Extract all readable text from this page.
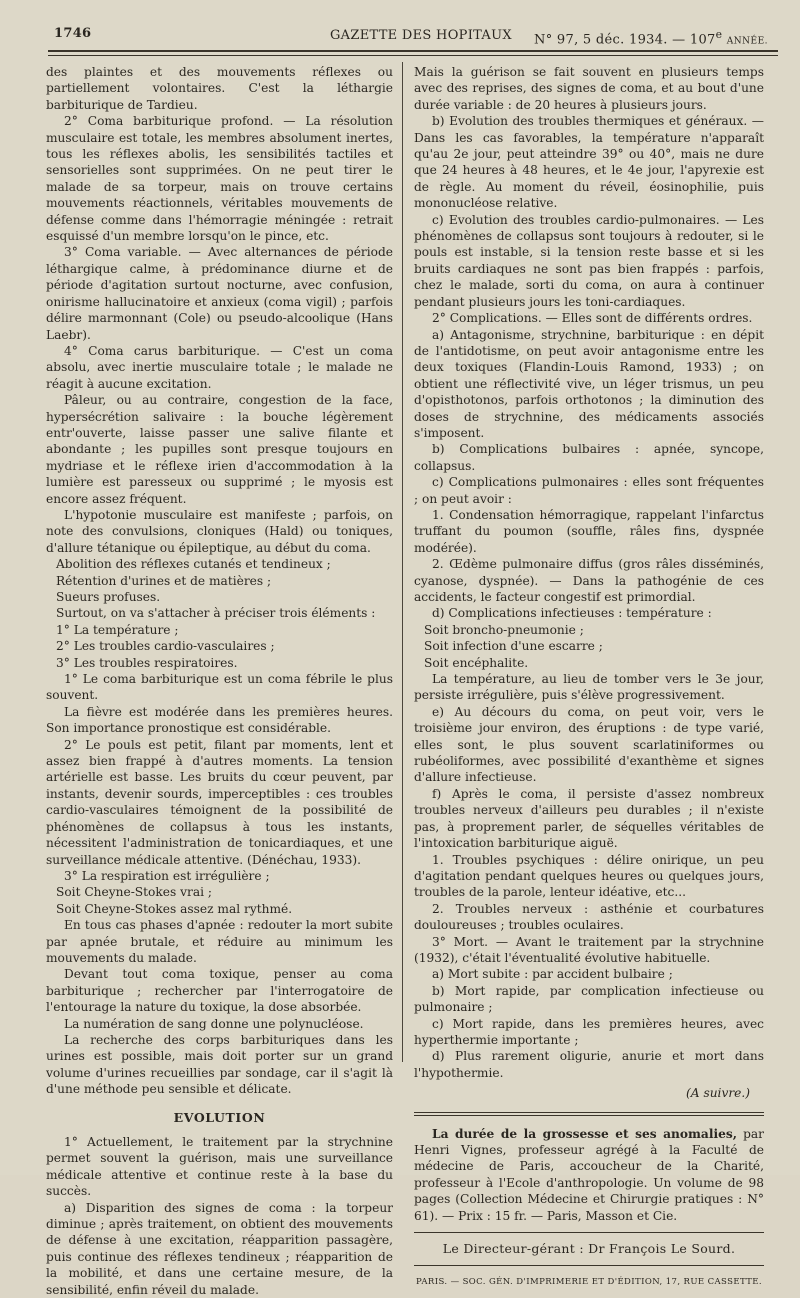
1746	GAZETTE DES HOPITAUX N° 97, 5 déc. 1934. — 107e ANNÉE.

des plaintes et des mouvements réflexes ou partiellement volontaires. C'est la léthargie barbiturique de Tardieu.

2° Coma barbiturique profond. — La résolution musculaire est totale, les membres absolument inertes, tous les réflexes abolis, les sensibilités tactiles et sensorielles sont supprimées. On ne peut tirer le malade de sa torpeur, mais on trouve certains mouvements réactionnels, véritables mouvements de défense comme dans l'hémorragie méningée : retrait esquissé d'un membre lorsqu'on le pince, etc.

3° Coma variable. — Avec alternances de période léthargique calme, à prédominance diurne et de période d'agitation surtout nocturne, avec confusion, onirisme hallucinatoire et anxieux (coma vigil) ; parfois délire marmonnant (Cole) ou pseudo-alcoolique (Hans Laebr).

4° Coma carus barbiturique. — C'est un coma absolu, avec inertie musculaire totale ; le malade ne réagit à aucune excitation.

Pâleur, ou au contraire, congestion de la face, hypersécrétion salivaire : la bouche légèrement entr'ouverte, laisse passer une salive filante et abondante ; les pupilles sont presque toujours en mydriase et le réflexe irien d'accommodation à la lumière est paresseux ou supprimé ; le myosis est encore assez fréquent.

L'hypotonie musculaire est manifeste ; parfois, on note des convulsions, cloniques (Hald) ou toniques, d'allure tétanique ou épileptique, au début du coma.

Abolition des réflexes cutanés et tendineux ;

Rétention d'urines et de matières ;

Sueurs profuses.

Surtout, on va s'attacher à préciser trois éléments :

1° La température ;

2° Les troubles cardio-vasculaires ;

3° Les troubles respiratoires.

1° Le coma barbiturique est un coma fébrile le plus souvent.

La fièvre est modérée dans les premières heures. Son importance pronostique est considérable.

2° Le pouls est petit, filant par moments, lent et assez bien frappé à d'autres moments. La tension artérielle est basse. Les bruits du cœur peuvent, par instants, devenir sourds, imperceptibles : ces troubles cardio-vasculaires témoignent de la possibilité de phénomènes de collapsus à tous les instants, nécessitent l'administration de tonicardiaques, et une surveillance médicale attentive. (Dénéchau, 1933).

3° La respiration est irrégulière ;

Soit Cheyne-Stokes vrai ;

Soit Cheyne-Stokes assez mal rythmé.

En tous cas phases d'apnée : redouter la mort subite par apnée brutale, et réduire au minimum les mouvements du malade.

Devant tout coma toxique, penser au coma barbiturique ; rechercher par l'interrogatoire de l'entourage la nature du toxique, la dose absorbée.

La numération de sang donne une polynucléose.

La recherche des corps barbituriques dans les urines est possible, mais doit porter sur un grand volume d'urines recueillies par sondage, car il s'agit là d'une méthode peu sensible et délicate.

EVOLUTION

1° Actuellement, le traitement par la strychnine permet souvent la guérison, mais une surveillance médicale attentive et continue reste à la base du succès.

a) Disparition des signes de coma : la torpeur diminue ; après traitement, on obtient des mouvements de défense à une excitation, réapparition passagère, puis continue des réflexes tendineux ; réapparition de la mobilité, et dans une certaine mesure, de la sensibilité, enfin réveil du malade.

Mais la guérison se fait souvent en plusieurs temps avec des reprises, des signes de coma, et au bout d'une durée variable : de 20 heures à plusieurs jours.

b) Evolution des troubles thermiques et généraux. — Dans les cas favorables, la température n'apparaît qu'au 2e jour, peut atteindre 39° ou 40°, mais ne dure que 24 heures à 48 heures, et le 4e jour, l'apyrexie est de règle. Au moment du réveil, éosinophilie, puis mononucléose relative.

c) Evolution des troubles cardio-pulmonaires. — Les phénomènes de collapsus sont toujours à redouter, si le pouls est instable, si la tension reste basse et si les bruits cardiaques ne sont pas bien frappés : parfois, chez le malade, sorti du coma, on aura à continuer pendant plusieurs jours les toni-cardiaques.

2° Complications. — Elles sont de différents ordres.

a) Antagonisme, strychnine, barbiturique : en dépit de l'antidotisme, on peut avoir antagonisme entre les deux toxiques (Flandin-Louis Ramond, 1933) ; on obtient une réflectivité vive, un léger trismus, un peu d'opisthotonos, parfois orthotonos ; la diminution des doses de strychnine, des médicaments associés s'imposent.

b) Complications bulbaires : apnée, syncope, collapsus.

c) Complications pulmonaires : elles sont fréquentes ; on peut avoir :

1. Condensation hémorragique, rappelant l'infarctus truffant du poumon (souffle, râles fins, dyspnée modérée).

2. Œdème pulmonaire diffus (gros râles disséminés, cyanose, dyspnée). — Dans la pathogénie de ces accidents, le facteur congestif est primordial.

d) Complications infectieuses : température :

Soit broncho-pneumonie ;

Soit infection d'une escarre ;

Soit encéphalite.

La température, au lieu de tomber vers le 3e jour, persiste irrégulière, puis s'élève progressivement.

e) Au décours du coma, on peut voir, vers le troisième jour environ, des éruptions : de type varié, elles sont, le plus souvent scarlatiniformes ou rubéoliformes, avec possibilité d'exanthème et signes d'allure infectieuse.

f) Après le coma, il persiste d'assez nombreux troubles nerveux d'ailleurs peu durables ; il n'existe pas, à proprement parler, de séquelles véritables de l'intoxication barbiturique aiguë.

1. Troubles psychiques : délire onirique, un peu d'agitation pendant quelques heures ou quelques jours, troubles de la parole, lenteur idéative, etc...

2. Troubles nerveux : asthénie et courbatures douloureuses ; troubles oculaires.

3° Mort. — Avant le traitement par la strychnine (1932), c'était l'éventualité évolutive habituelle.

a) Mort subite : par accident bulbaire ;

b) Mort rapide, par complication infectieuse ou pulmonaire ;

c) Mort rapide, dans les premières heures, avec hyperthermie importante ;

d) Plus rarement oligurie, anurie et mort dans l'hypothermie.

(A suivre.)

La durée de la grossesse et ses anomalies, par Henri Vignes, professeur agrégé à la Faculté de médecine de Paris, accoucheur de la Charité, professeur à l'Ecole d'anthropologie. Un volume de 98 pages (Collection Médecine et Chirurgie pratiques : N° 61). — Prix : 15 fr. — Paris, Masson et Cie.

Le Directeur-gérant : Dr François Le Sourd.
PARIS. — SOC. GÉN. D'IMPRIMERIE ET D'ÉDITION, 17, RUE CASSETTE.
